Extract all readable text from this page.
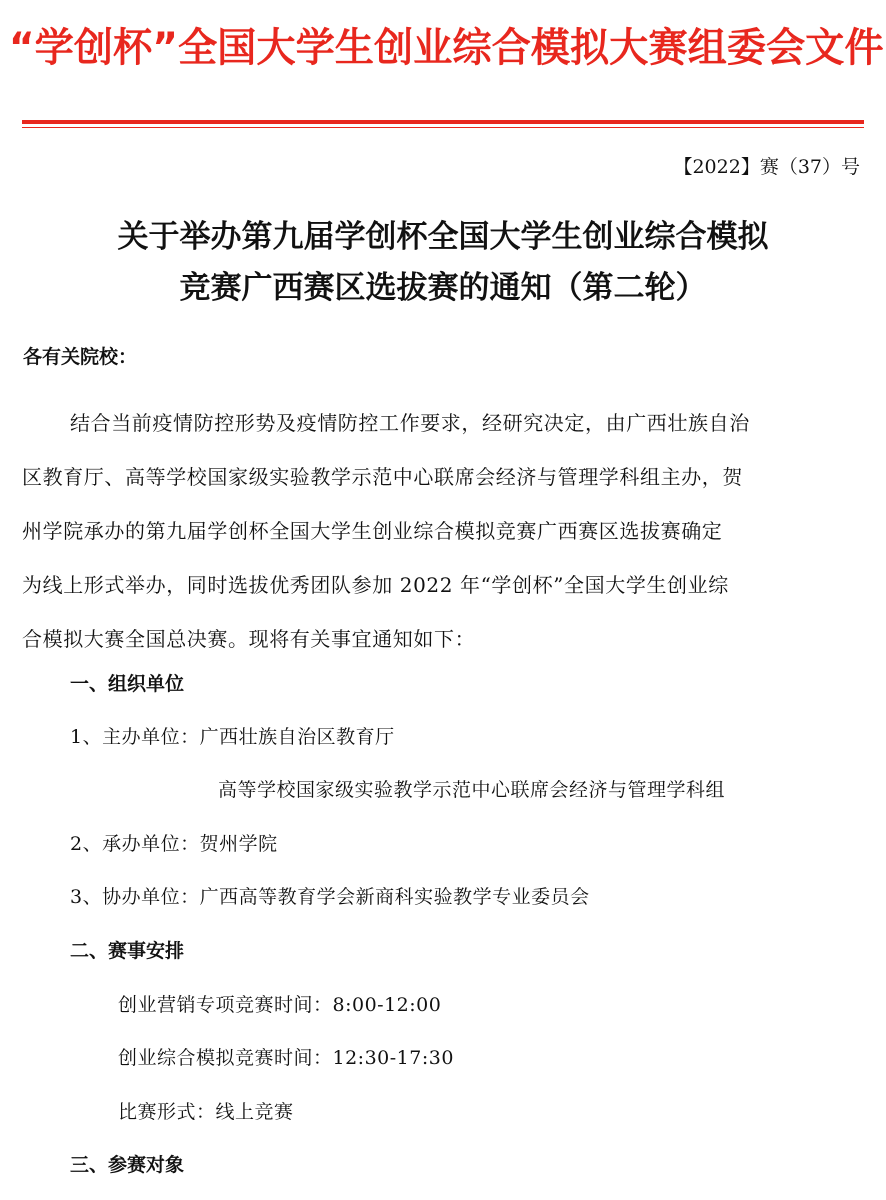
“学创杯”全国大学生创业综合模拟大赛组委会文件
【2022】赛（37）号
关于举办第九届学创杯全国大学生创业综合模拟
竞赛广西赛区选拔赛的通知（第二轮）
各有关院校：
结合当前疫情防控形势及疫情防控工作要求，经研究决定，由广西壮族自治
区教育厅、高等学校国家级实验教学示范中心联席会经济与管理学科组主办，贺
州学院承办的第九届学创杯全国大学生创业综合模拟竞赛广西赛区选拔赛确定
为线上形式举办，同时选拔优秀团队参加 2022 年“学创杯”全国大学生创业综
合模拟大赛全国总决赛。现将有关事宜通知如下：
一、组织单位
1、主办单位：广西壮族自治区教育厅
高等学校国家级实验教学示范中心联席会经济与管理学科组
2、承办单位：贺州学院
3、协办单位：广西高等教育学会新商科实验教学专业委员会
二、赛事安排
创业营销专项竞赛时间：8:00-12:00
创业综合模拟竞赛时间：12:30-17:30
比赛形式：线上竞赛
三、参赛对象
